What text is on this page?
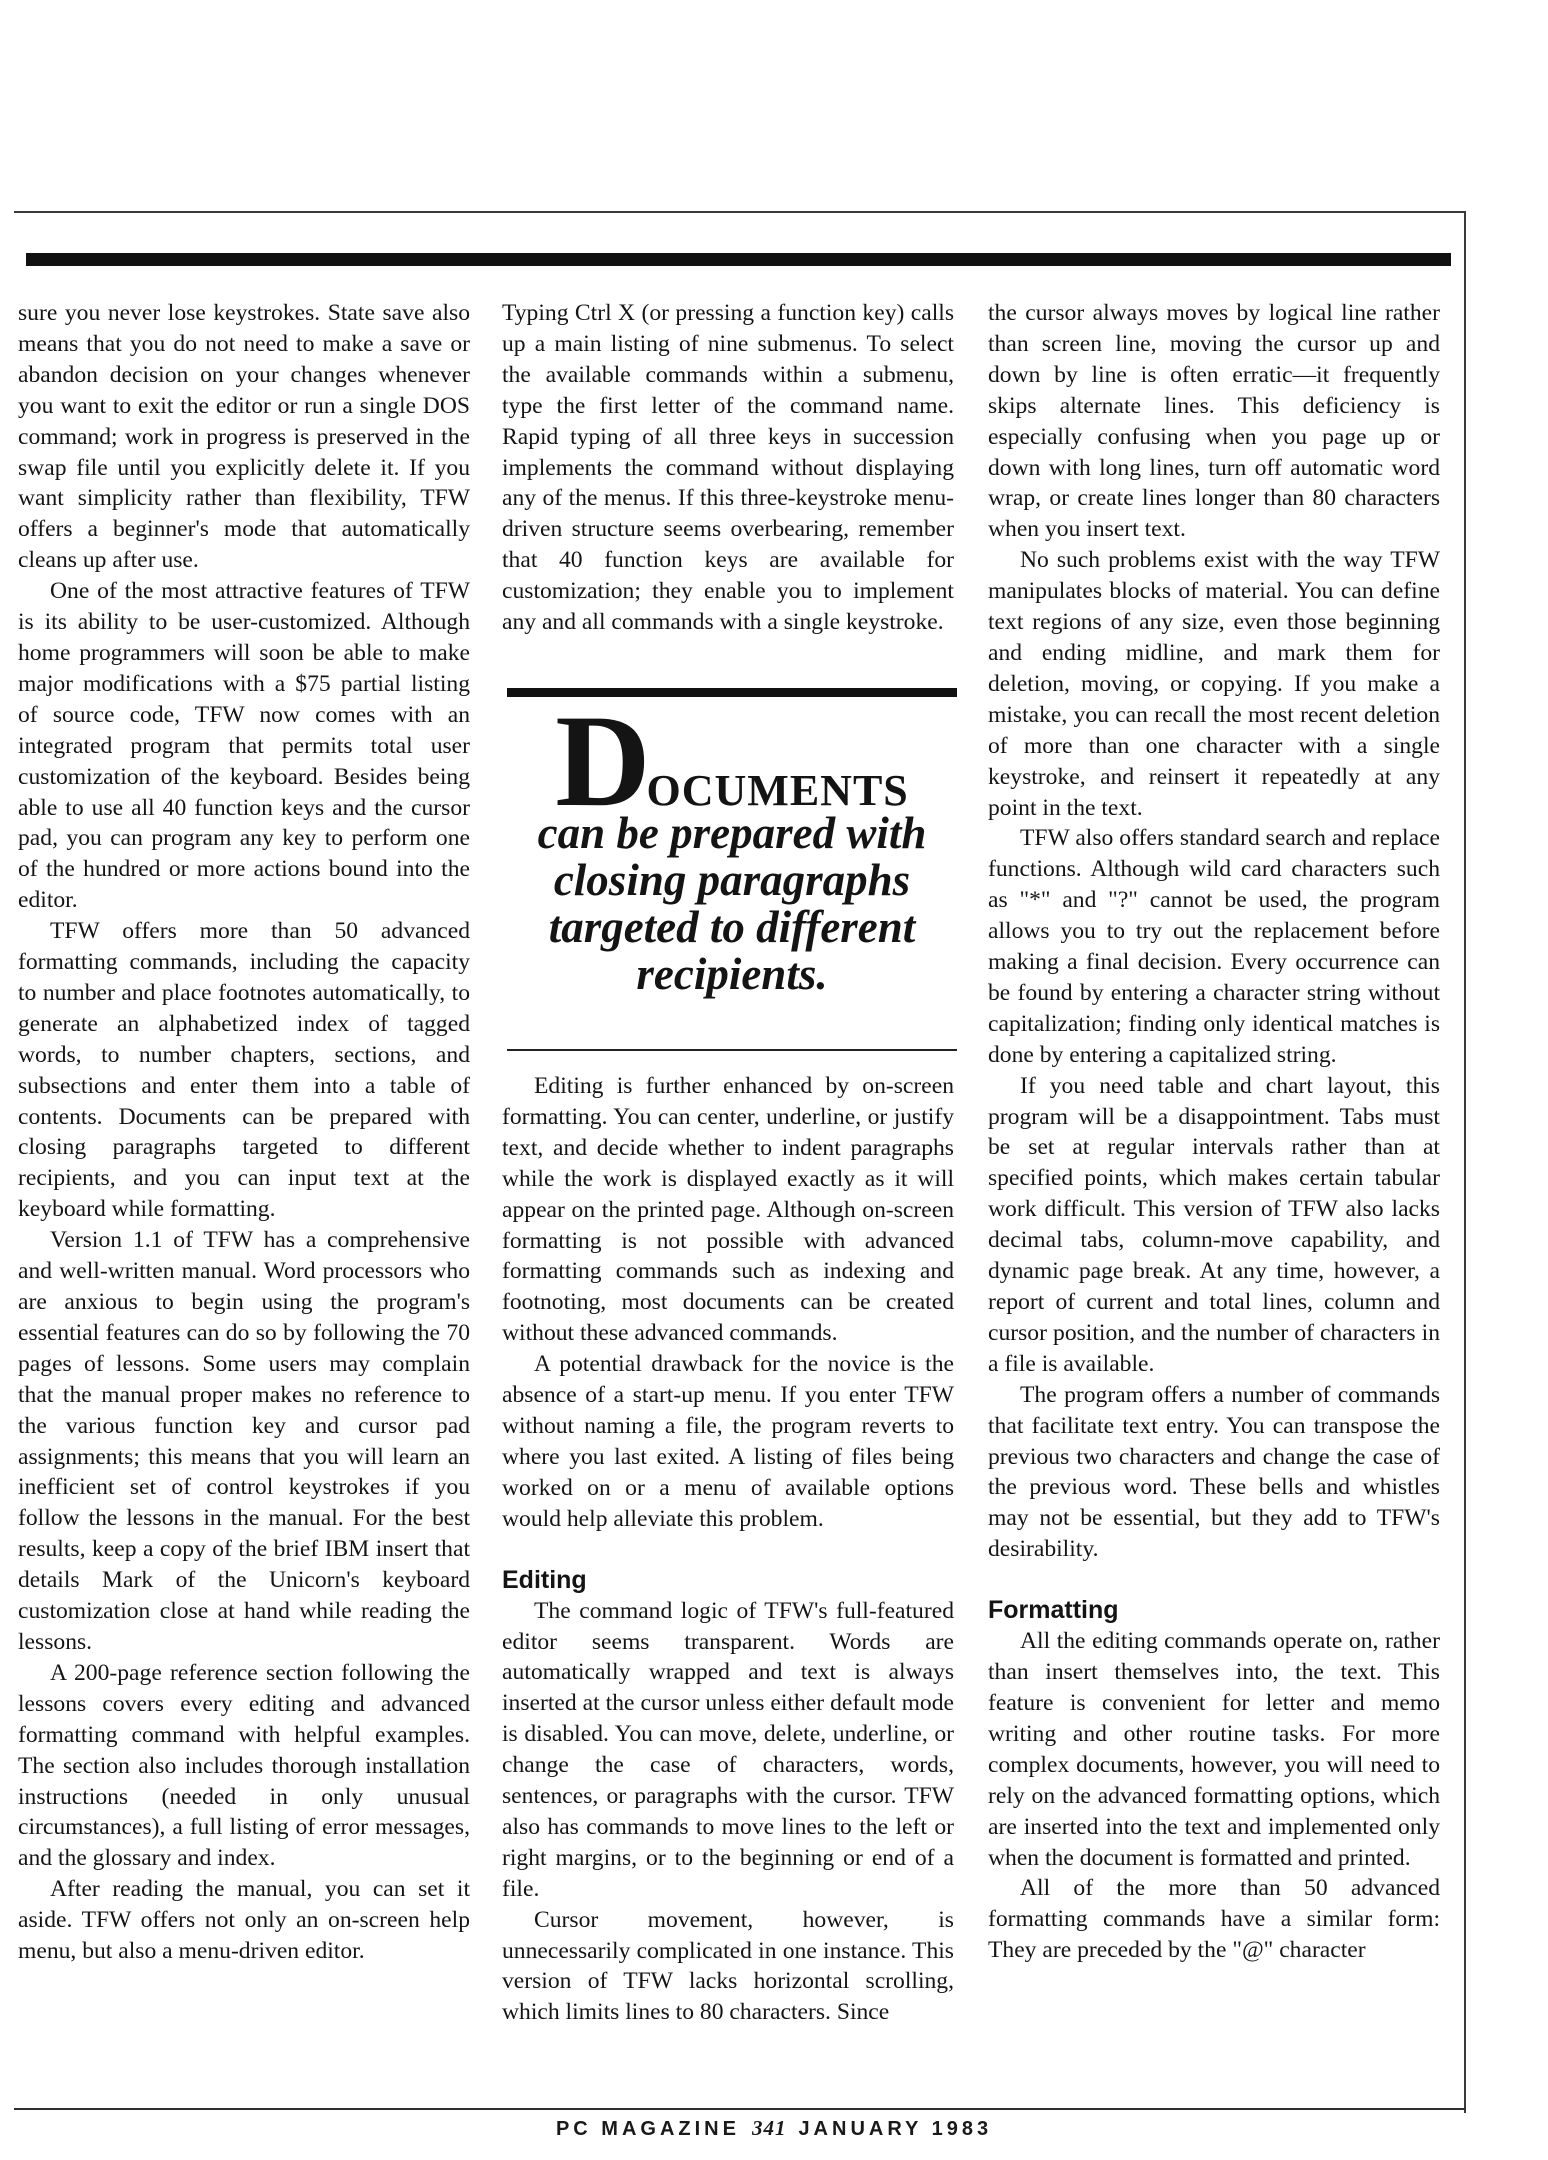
sure you never lose keystrokes. State save also means that you do not need to make a save or abandon decision on your changes whenever you want to exit the editor or run a single DOS command; work in progress is preserved in the swap file until you explicitly delete it. If you want simplicity rather than flexibility, TFW offers a beginner's mode that automatically cleans up after use.

One of the most attractive features of TFW is its ability to be user-customized. Although home programmers will soon be able to make major modifications with a $75 partial listing of source code, TFW now comes with an integrated program that permits total user customization of the keyboard. Besides being able to use all 40 function keys and the cursor pad, you can program any key to perform one of the hundred or more actions bound into the editor.

TFW offers more than 50 advanced formatting commands, including the capacity to number and place footnotes automatically, to generate an alphabetized index of tagged words, to number chapters, sections, and subsections and enter them into a table of contents. Documents can be prepared with closing paragraphs targeted to different recipients, and you can input text at the keyboard while formatting.

Version 1.1 of TFW has a comprehensive and well-written manual. Word processors who are anxious to begin using the program's essential features can do so by following the 70 pages of lessons. Some users may complain that the manual proper makes no reference to the various function key and cursor pad assignments; this means that you will learn an inefficient set of control keystrokes if you follow the lessons in the manual. For the best results, keep a copy of the brief IBM insert that details Mark of the Unicorn's keyboard customization close at hand while reading the lessons.

A 200-page reference section following the lessons covers every editing and advanced formatting command with helpful examples. The section also includes thorough installation instructions (needed in only unusual circumstances), a full listing of error messages, and the glossary and index.

After reading the manual, you can set it aside. TFW offers not only an on-screen help menu, but also a menu-driven editor.

Typing Ctrl X (or pressing a function key) calls up a main listing of nine submenus. To select the available commands within a submenu, type the first letter of the command name. Rapid typing of all three keys in succession implements the command without displaying any of the menus. If this three-keystroke menu-driven structure seems overbearing, remember that 40 function keys are available for customization; they enable you to implement any and all commands with a single keystroke.

DOCUMENTS
can be prepared with closing paragraphs targeted to different recipients.

Editing is further enhanced by on-screen formatting. You can center, underline, or justify text, and decide whether to indent paragraphs while the work is displayed exactly as it will appear on the printed page. Although on-screen formatting is not possible with advanced formatting commands such as indexing and footnoting, most documents can be created without these advanced commands.

A potential drawback for the novice is the absence of a start-up menu. If you enter TFW without naming a file, the program reverts to where you last exited. A listing of files being worked on or a menu of available options would help alleviate this problem.

Editing

The command logic of TFW's full-featured editor seems transparent. Words are automatically wrapped and text is always inserted at the cursor unless either default mode is disabled. You can move, delete, underline, or change the case of characters, words, sentences, or paragraphs with the cursor. TFW also has commands to move lines to the left or right margins, or to the beginning or end of a file.

Cursor movement, however, is unnecessarily complicated in one instance. This version of TFW lacks horizontal scrolling, which limits lines to 80 characters. Since

the cursor always moves by logical line rather than screen line, moving the cursor up and down by line is often erratic—it frequently skips alternate lines. This deficiency is especially confusing when you page up or down with long lines, turn off automatic word wrap, or create lines longer than 80 characters when you insert text.

No such problems exist with the way TFW manipulates blocks of material. You can define text regions of any size, even those beginning and ending midline, and mark them for deletion, moving, or copying. If you make a mistake, you can recall the most recent deletion of more than one character with a single keystroke, and reinsert it repeatedly at any point in the text.

TFW also offers standard search and replace functions. Although wild card characters such as "*" and "?" cannot be used, the program allows you to try out the replacement before making a final decision. Every occurrence can be found by entering a character string without capitalization; finding only identical matches is done by entering a capitalized string.

If you need table and chart layout, this program will be a disappointment. Tabs must be set at regular intervals rather than at specified points, which makes certain tabular work difficult. This version of TFW also lacks decimal tabs, column-move capability, and dynamic page break. At any time, however, a report of current and total lines, column and cursor position, and the number of characters in a file is available.

The program offers a number of commands that facilitate text entry. You can transpose the previous two characters and change the case of the previous word. These bells and whistles may not be essential, but they add to TFW's desirability.

Formatting

All the editing commands operate on, rather than insert themselves into, the text. This feature is convenient for letter and memo writing and other routine tasks. For more complex documents, however, you will need to rely on the advanced formatting options, which are inserted into the text and implemented only when the document is formatted and printed.

All of the more than 50 advanced formatting commands have a similar form: They are preceded by the "@" character

PC MAGAZINE 341 JANUARY 1983
